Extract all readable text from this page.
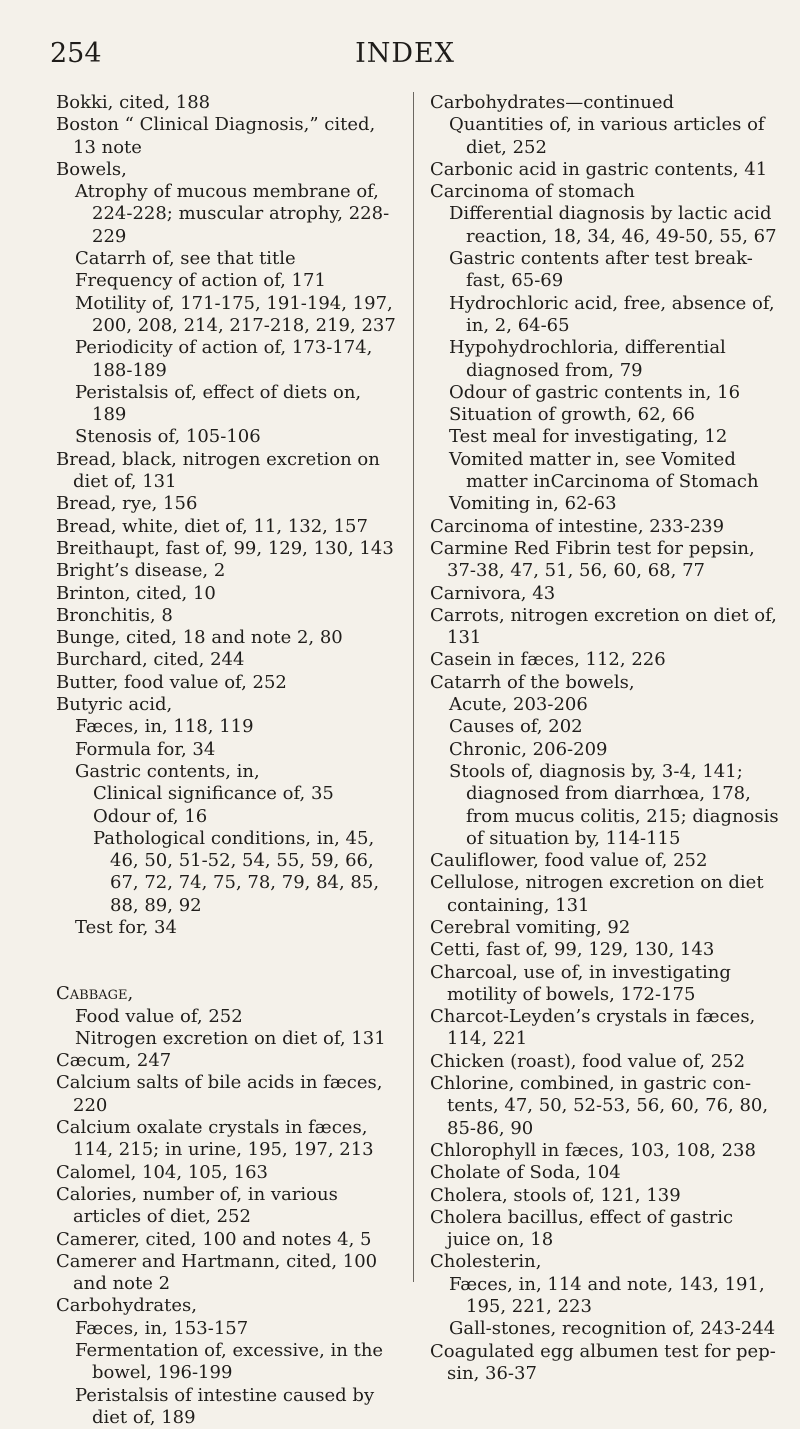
254	INDEX

Bokki, cited, 188

Boston “ Clinical Diagnosis,” cited, 13 note

Bowels,

Atrophy of mucous membrane of, 224-228; muscular atrophy, 228-229

Catarrh of, see that title

Frequency of action of, 171

Motility of, 171-175, 191-194, 197, 200, 208, 214, 217-218, 219, 237

Periodicity of action of, 173-174, 188-189

Peristalsis of, effect of diets on, 189

Stenosis of, 105-106

Bread, black, nitrogen excretion on diet of, 131

Bread, rye, 156

Bread, white, diet of, 11, 132, 157

Breithaupt, fast of, 99, 129, 130, 143

Bright’s disease, 2

Brinton, cited, 10

Bronchitis, 8

Bunge, cited, 18 and note 2, 80

Burchard, cited, 244

Butter, food value of, 252

Butyric acid,

Fæces, in, 118, 119

Formula for, 34

Gastric contents, in,

Clinical significance of, 35

Odour of, 16

Pathological conditions, in, 45, 46, 50, 51-52, 54, 55, 59, 66, 67, 72, 74, 75, 78, 79, 84, 85, 88, 89, 92

Test for, 34

Cabbage,

Food value of, 252

Nitrogen excretion on diet of, 131

Cæcum, 247

Calcium salts of bile acids in fæces, 220

Calcium oxalate crystals in fæces, 114, 215; in urine, 195, 197, 213

Calomel, 104, 105, 163

Calories, number of, in various articles of diet, 252

Camerer, cited, 100 and notes 4, 5

Camerer and Hartmann, cited, 100 and note 2

Carbohydrates,

Fæces, in, 153-157

Fermentation of, excessive, in the bowel, 196-199

Peristalsis of intestine caused by diet of, 189

Carbohydrates—continued

Quantities of, in various articles of diet, 252

Carbonic acid in gastric contents, 41

Carcinoma of stomach

Differential diagnosis by lactic acid reaction, 18, 34, 46, 49-50, 55, 67

Gastric contents after test break-fast, 65-69

Hydrochloric acid, free, absence of, in, 2, 64-65

Hypohydrochloria, differential diagnosed from, 79

Odour of gastric contents in, 16

Situation of growth, 62, 66

Test meal for investigating, 12

Vomited matter in, see Vomited matter inCarcinoma of Stomach

Vomiting in, 62-63

Carcinoma of intestine, 233-239

Carmine Red Fibrin test for pepsin, 37-38, 47, 51, 56, 60, 68, 77

Carnivora, 43

Carrots, nitrogen excretion on diet of, 131

Casein in fæces, 112, 226

Catarrh of the bowels,

Acute, 203-206

Causes of, 202

Chronic, 206-209

Stools of, diagnosis by, 3-4, 141; diagnosed from diarrhœa, 178, from mucus colitis, 215; diagnosis of situation by, 114-115

Cauliflower, food value of, 252

Cellulose, nitrogen excretion on diet containing, 131

Cerebral vomiting, 92

Cetti, fast of, 99, 129, 130, 143

Charcoal, use of, in investigating motility of bowels, 172-175

Charcot-Leyden’s crystals in fæces, 114, 221

Chicken (roast), food value of, 252

Chlorine, combined, in gastric con-tents, 47, 50, 52-53, 56, 60, 76, 80, 85-86, 90

Chlorophyll in fæces, 103, 108, 238

Cholate of Soda, 104

Cholera, stools of, 121, 139

Cholera bacillus, effect of gastric juice on, 18

Cholesterin,

Fæces, in, 114 and note, 143, 191, 195, 221, 223

Gall-stones, recognition of, 243-244

Coagulated egg albumen test for pep-sin, 36-37
